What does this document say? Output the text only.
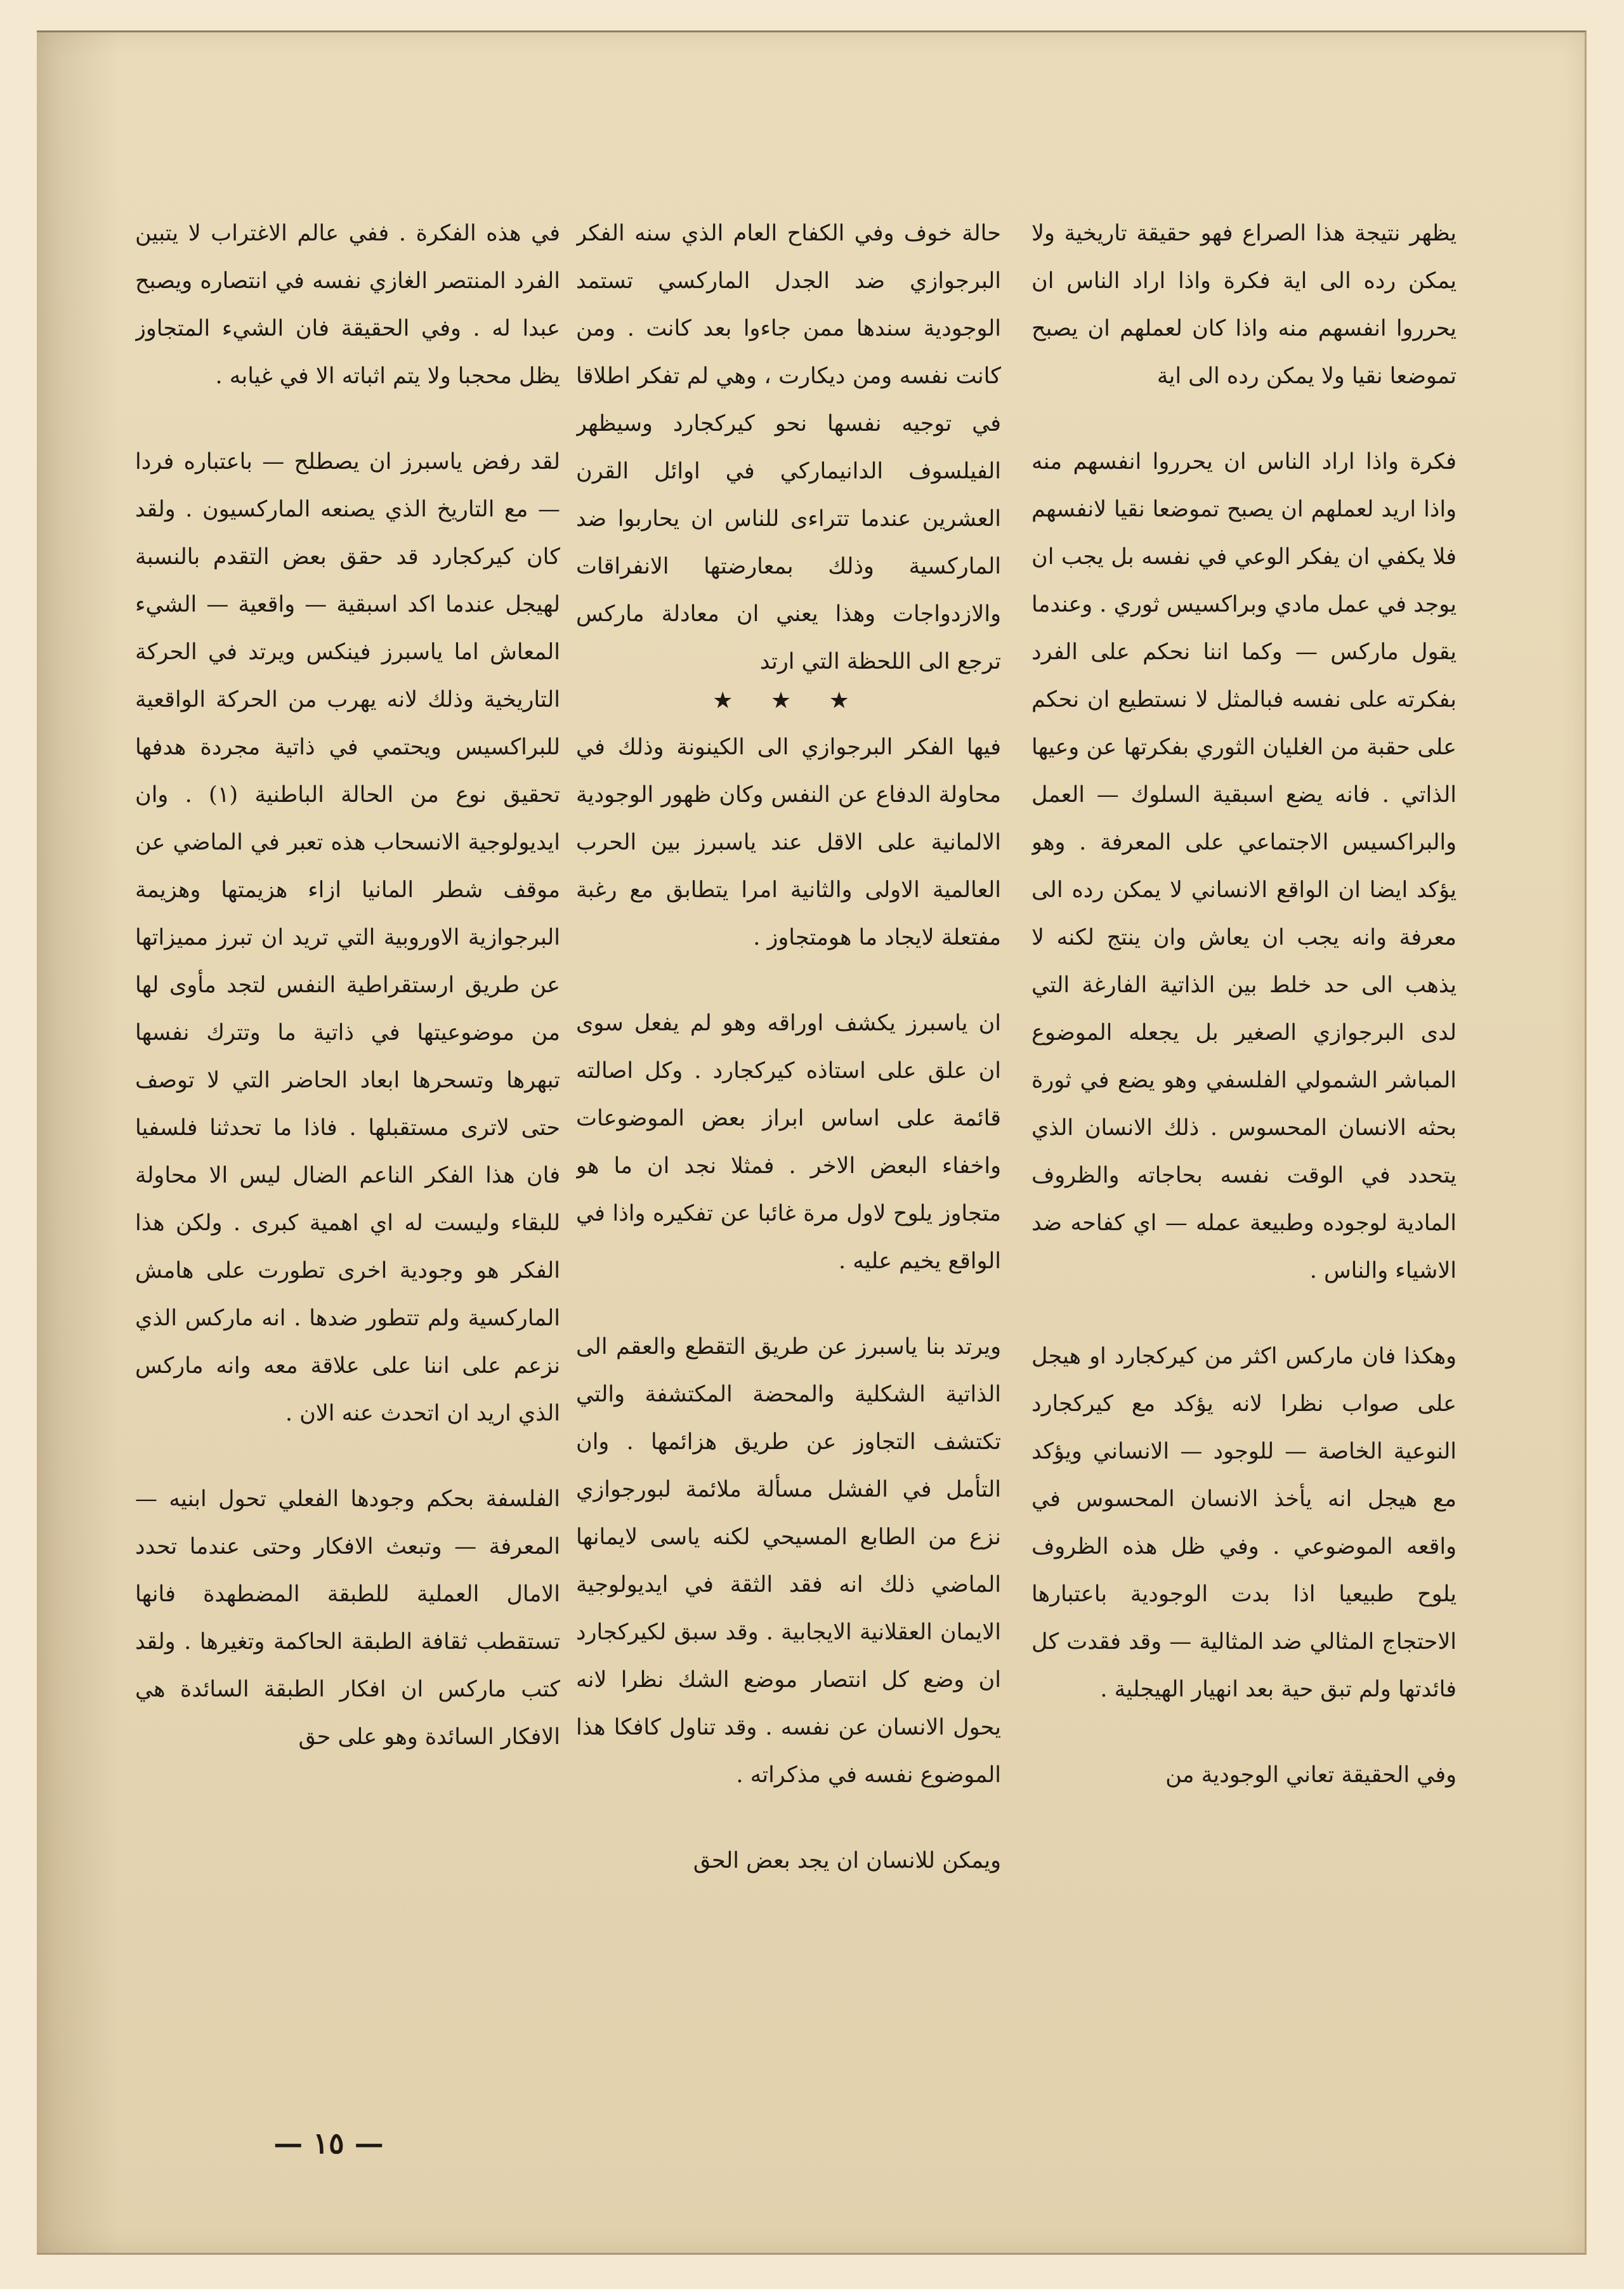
يظهر نتيجة هذا الصراع فهو حقيقة تاريخية ولا يمكن رده الى اية فكرة واذا اراد الناس ان يحرروا انفسهم منه واذا كان لعملهم ان يصبح تموضعا نقيا ولا يمكن رده الى اية

فكرة واذا اراد الناس ان يحرروا انفسهم منه واذا اريد لعملهم ان يصبح تموضعا نقيا لانفسهم فلا يكفي ان يفكر الوعي في نفسه بل يجب ان يوجد في عمل مادي وبراكسيس ثوري . وعندما يقول ماركس — وكما اننا نحكم على الفرد بفكرته على نفسه فبالمثل لا نستطيع ان نحكم على حقبة من الغليان الثوري بفكرتها عن وعيها الذاتي . فانه يضع اسبقية السلوك — العمل والبراكسيس الاجتماعي على المعرفة . وهو يؤكد ايضا ان الواقع الانساني لا يمكن رده الى معرفة وانه يجب ان يعاش وان ينتج لكنه لا يذهب الى حد خلط بين الذاتية الفارغة التي لدى البرجوازي الصغير بل يجعله الموضوع المباشر الشمولي الفلسفي وهو يضع في ثورة بحثه الانسان المحسوس . ذلك الانسان الذي يتحدد في الوقت نفسه بحاجاته والظروف المادية لوجوده وطبيعة عمله — اي كفاحه ضد الاشياء والناس .

وهكذا فان ماركس اكثر من كيركجارد او هيجل على صواب نظرا لانه يؤكد مع كيركجارد النوعية الخاصة — للوجود — الانساني ويؤكد مع هيجل انه يأخذ الانسان المحسوس في واقعه الموضوعي . وفي ظل هذه الظروف يلوح طبيعيا اذا بدت الوجودية باعتبارها الاحتجاج المثالي ضد المثالية — وقد فقدت كل فائدتها ولم تبق حية بعد انهيار الهيجلية .

وفي الحقيقة تعاني الوجودية من

حالة خوف وفي الكفاح العام الذي سنه الفكر البرجوازي ضد الجدل الماركسي تستمد الوجودية سندها ممن جاءوا بعد كانت . ومن كانت نفسه ومن ديكارت ، وهي لم تفكر اطلاقا في توجيه نفسها نحو كيركجارد وسيظهر الفيلسوف الدانيماركي في اوائل القرن العشرين عندما تتراءى للناس ان يحاربوا ضد الماركسية وذلك بمعارضتها الانفراقات والازدواجات وهذا يعني ان معادلة ماركس ترجع الى اللحظة التي ارتد

★ ★ ★

فيها الفكر البرجوازي الى الكينونة وذلك في محاولة الدفاع عن النفس وكان ظهور الوجودية الالمانية على الاقل عند ياسبرز بين الحرب العالمية الاولى والثانية امرا يتطابق مع رغبة مفتعلة لايجاد ما هومتجاوز .

ان ياسبرز يكشف اوراقه وهو لم يفعل سوى ان علق على استاذه كيركجارد . وكل اصالته قائمة على اساس ابراز بعض الموضوعات واخفاء البعض الاخر . فمثلا نجد ان ما هو متجاوز يلوح لاول مرة غائبا عن تفكيره واذا في الواقع يخيم عليه .

ويرتد بنا ياسبرز عن طريق التقطع والعقم الى الذاتية الشكلية والمحضة المكتشفة والتي تكتشف التجاوز عن طريق هزائمها . وان التأمل في الفشل مسألة ملائمة لبورجوازي نزع من الطابع المسيحي لكنه ياسى لايمانها الماضي ذلك انه فقد الثقة في ايديولوجية الايمان العقلانية الايجابية . وقد سبق لكيركجارد ان وضع كل انتصار موضع الشك نظرا لانه يحول الانسان عن نفسه . وقد تناول كافكا هذا الموضوع نفسه في مذكراته .

ويمكن للانسان ان يجد بعض الحق

في هذه الفكرة . ففي عالم الاغتراب لا يتبين الفرد المنتصر الغازي نفسه في انتصاره ويصبح عبدا له . وفي الحقيقة فان الشيء المتجاوز يظل محجبا ولا يتم اثباته الا في غيابه .

لقد رفض ياسبرز ان يصطلح — باعتباره فردا — مع التاريخ الذي يصنعه الماركسيون . ولقد كان كيركجارد قد حقق بعض التقدم بالنسبة لهيجل عندما اكد اسبقية — واقعية — الشيء المعاش اما ياسبرز فينكس ويرتد في الحركة التاريخية وذلك لانه يهرب من الحركة الواقعية للبراكسيس ويحتمي في ذاتية مجردة هدفها تحقيق نوع من الحالة الباطنية (١) . وان ايديولوجية الانسحاب هذه تعبر في الماضي عن موقف شطر المانيا ازاء هزيمتها وهزيمة البرجوازية الاوروبية التي تريد ان تبرز مميزاتها عن طريق ارستقراطية النفس لتجد مأوى لها من موضوعيتها في ذاتية ما وتترك نفسها تبهرها وتسحرها ابعاد الحاضر التي لا توصف حتى لاترى مستقبلها . فاذا ما تحدثنا فلسفيا فان هذا الفكر الناعم الضال ليس الا محاولة للبقاء وليست له اي اهمية كبرى . ولكن هذا الفكر هو وجودية اخرى تطورت على هامش الماركسية ولم تتطور ضدها . انه ماركس الذي نزعم على اننا على علاقة معه وانه ماركس الذي اريد ان اتحدث عنه الان .

الفلسفة بحكم وجودها الفعلي تحول ابنيه — المعرفة — وتبعث الافكار وحتى عندما تحدد الامال العملية للطبقة المضطهدة فانها تستقطب ثقافة الطبقة الحاكمة وتغيرها . ولقد كتب ماركس ان افكار الطبقة السائدة هي الافكار السائدة وهو على حق

— ١٥ —
